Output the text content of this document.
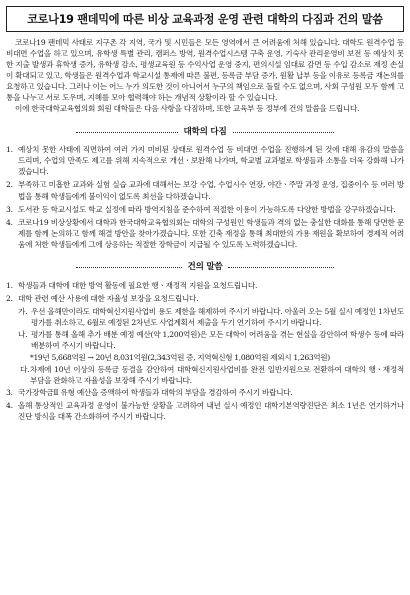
코로나19 팬데믹에 따른 비상 교육과정 운영 관련 대학의 다짐과 건의 말씀

코로나19 팬데믹 사태로 지구촌 각 지역, 국가 및 시민들은 모든 영역에서 큰 어려움에 처해 있습니다. 대학도 원격수업 등 비대면 수업을 하고 있으며, 유학생 특별 관리, 캠퍼스 방역, 원격수업시스템 구축 운영, 기숙사 관리운영비 보전 등 예상치 못한 지출 발생과 휴학생 증가, 유학생 감소, 평생교육원 등 수익사업 운영 중지, 편의시설 임대료 감면 등 수입 감소로 재정 손실이 확대되고 있고, 학생들은 원격수업과 학교시설 통제에 따른 불편, 등록금 부담 증가, 원활 납부 등을 이유로 등록금 재논의를 요청하고 있습니다. 그러나 이는 어느 누가 의도한 것이 아니어서 누구의 책임으로 돌릴 수도 없으며, 사회 구성원 모두 함께 고통을 나누고 서로 도우며, 지혜를 모아 협력해야 하는 개념적 상황이라 할 수 있습니다.

이에 한국대학교육협의회 회원 대학들은 다음 사항을 다짐하며, 또한 교육부 등 정부에 건의 말씀을 드립니다.

대학의 다짐
1. 예상치 못한 사태에 직면하여 여러 가지 미비된 상태로 원격수업 등 비대면 수업을 진행하게 된 것에 대해 유감의 말씀을 드리며, 수업의 만족도 제고를 위해 지속적으로 개선ㆍ보완해 나가며, 학교별 교과별로 학생들과 소통을 더욱 강화해 나가겠습니다.
2. 부족하고 미흡한 교과와 실험 실습 교과에 대해서는 보강 수업, 수업시수 연장, 야간ㆍ주말 과정 운영, 집중이수 등 여러 방법을 통해 학생들에게 불이익이 없도록 최선을 다하겠습니다.
3. 도서관 등 학교시설도 학교 실정에 따라 방역지침을 준수하여 적절한 이용이 가능하도록 다양한 방법을 강구하겠습니다.
4. 코로나19 비상상황에서 대학과 한국대학교육협의회는 대학의 구성원인 학생들과 격의 없는 충실한 대화를 통해 당면한 문제를 함께 논의하고 함께 해결 방안을 찾아가겠습니다. 또한 긴축 재정을 통해 최대한의 가용 재원을 확보하여 경제적 어려움에 처한 학생들에게 그에 상응하는 적절한 장학금이 지급될 수 있도록 노력하겠습니다.
건의 말씀
1. 학생들과 대학에 대한 방역 활동에 필요한 행ㆍ재정적 지원을 요청드립니다.
2. 대학 관련 예산 사용에 대한 자율성 보장을 요청드립니다.
가. 우선 올해만이라도 대학혁신지원사업비 용도 제한을 해제하여 주시기 바랍니다. 아울러 오는 5월 실시 예정인 1차년도 평가를 취소하고, 6월로 예정된 2차년도 사업계획서 제출을 두기 연기하여 주시기 바랍니다.
나. 평가를 통해 올해 추가 배분 예정 예산(약 1,200억원)은 모든 대학이 어려움을 겪는 현실을 감안하여 학생수 등에 따라 배분하여 주시기 바랍니다.
*19년 5,668억원 → 20년 8,031억원(2,343억원 증, 지역혁신형 1,080억원 제외시 1,263억원)
다. 차제에 10년 이상의 등록금 동결을 감안하여 대학혁신지원사업비를 완전 일반지원으로 전환하여 대학의 행ㆍ재정적 부담을 완화하고 자율성을 보장해 주시기 바랍니다.
3. 국가장학금Ⅱ 유형 예산을 증액하여 학생들과 대학의 부담을 경감하여 주시기 바랍니다.
4. 올해 통상적인 교육과정 운영이 불가능한 상황을 고려하여 내년 실시 예정인 대학기본역량진단은 최소 1년은 연기하거나 진단 방식을 대폭 간소화하여 주시기 바랍니다.
